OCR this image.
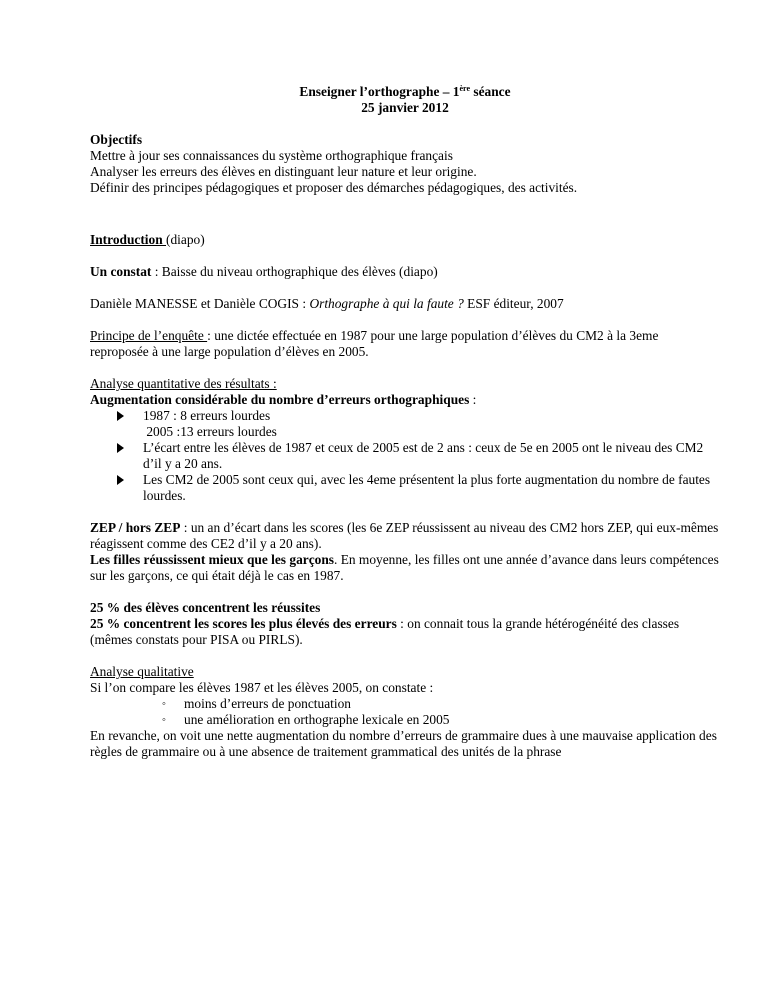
Enseigner l’orthographe – 1ère séance

25 janvier 2012

Objectifs

Mettre à jour ses connaissances du système orthographique français

Analyser les erreurs des élèves en distinguant leur nature et leur origine.

Définir des principes pédagogiques et proposer des démarches pédagogiques, des activités.

Introduction (diapo)

Un constat : Baisse du niveau orthographique des élèves (diapo)

Danièle MANESSE et Danièle COGIS : Orthographe à qui la faute ? ESF éditeur, 2007

Principe de l’enquête : une dictée effectuée en 1987 pour une large population d’élèves du CM2 à la 3eme reproposée à une large population d’élèves en 2005.

Analyse quantitative des résultats :

Augmentation considérable du nombre d’erreurs orthographiques :

1987 : 8 erreurs lourdes
2005 :13 erreurs lourdes
L’écart entre les élèves de 1987 et ceux de 2005 est de 2 ans : ceux de 5e en 2005 ont le niveau des CM2 d’il y a 20 ans.
Les CM2 de 2005 sont ceux qui, avec les 4eme présentent la plus forte augmentation du nombre de fautes lourdes.

ZEP / hors ZEP : un an d’écart dans les scores (les 6e ZEP réussissent au niveau des CM2 hors ZEP, qui eux-mêmes réagissent comme des CE2 d’il y a 20 ans).

Les filles réussissent mieux que les garçons. En moyenne, les filles ont une année d’avance dans leurs compétences sur les garçons, ce qui était déjà le cas en 1987.

25 % des élèves concentrent les réussites

25 % concentrent les scores les plus élevés des erreurs : on connait tous la grande hétérogénéité des classes (mêmes constats pour PISA ou PIRLS).

Analyse qualitative

Si l’on compare les élèves 1987 et les élèves 2005, on constate :

◦ moins d’erreurs de ponctuation
◦ une amélioration en orthographe lexicale en 2005

En revanche, on voit une nette augmentation du nombre d’erreurs de grammaire dues à une mauvaise application des règles de grammaire ou à une absence de traitement grammatical des unités de la phrase
